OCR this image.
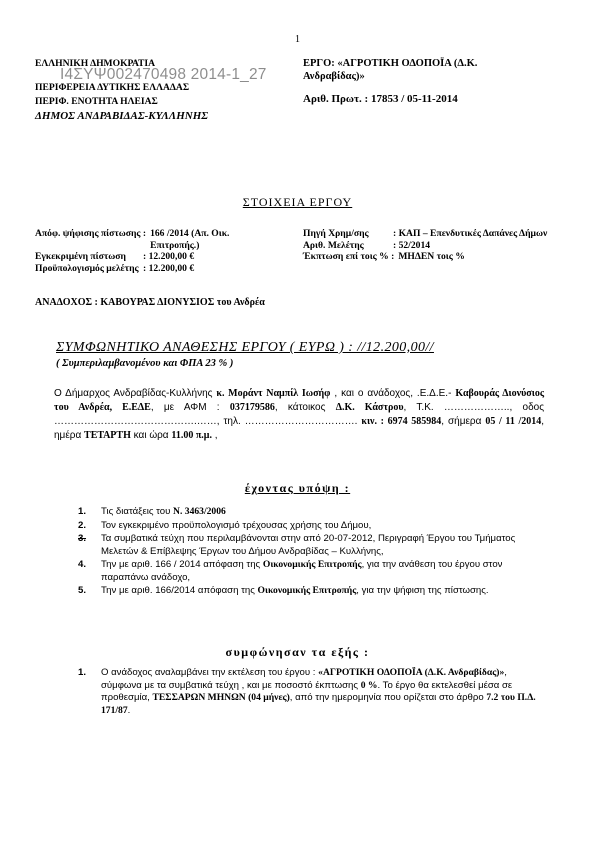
1
ΕΛΛΗΝΙΚΗ ΔΗΜΟΚΡΑΤΙΑ
ΠΕΡΙΦΕΡΕΙΑ ΔΥΤΙΚΗΣ ΕΛΛΑΔΑΣ
ΠΕΡΙΦ. ΕΝΟΤΗΤΑ ΗΛΕΙΑΣ
ΔΗΜΟΣ ΑΝΔΡΑΒΙΔΑΣ-ΚΥΛΛΗΝΗΣ
ΕΡΓΟ: «ΑΓΡΟΤΙΚΗ ΟΔΟΠΟΪΑ (Δ.Κ. Ανδραβίδας)»
Αριθ. Πρωτ. : 17853 / 05-11-2014
Ι4ΣΥΨ002470498 2014-1_27
ΣΤΟΙΧΕΙΑ ΕΡΓΟΥ
Απόφ. ψήφισης πίστωσης : 166 /2014 (Απ. Οικ. Επιτροπής.)
Εγκεκριμένη πίστωση	: 12.200,00 €
Προϋπολογισμός μελέτης : 12.200,00 €
Πηγή Χρημ/σης	: ΚΑΠ – Επενδυτικές Δαπάνες Δήμων
Αριθ. Μελέτης	: 52/2014
Έκπτωση επί τοις % : ΜΗΔΕΝ τοις %
ΑΝΑΔΟΧΟΣ : ΚΑΒΟΥΡΑΣ ΔΙΟΝΥΣΙΟΣ του Ανδρέα
ΣΥΜΦΩΝΗΤΙΚΟ ΑΝΑΘΕΣΗΣ ΕΡΓΟΥ ( ΕΥΡΩ ) : //12.200,00//
( Συμπεριλαμβανομένου και ΦΠΑ 23 % )
Ο Δήμαρχος Ανδραβίδας-Κυλλήνης κ. Μοράντ Ναμπίλ Ιωσήφ , και ο ανάδοχος, .Ε.Δ.Ε.- Καβουράς Διονύσιος του Ανδρέα, Ε.ΕΔΕ, με ΑΦΜ : 037179586, κάτοικος Δ.Κ. Κάστρου, Τ.Κ. ……………….., οδος …………………………………….……, τηλ. ……………………………. κιν. : 6974 585984, σήμερα 05 / 11 /2014, ημέρα ΤΕΤΑΡΤΗ και ώρα 11.00 π.μ. ,
έχοντας υπόψη :
1. Τις διατάξεις του Ν. 3463/2006
2. Τον εγκεκριμένο προϋπολογισμό τρέχουσας χρήσης του Δήμου,
3. Τα συμβατικά τεύχη που περιλαμβάνονται στην από 20-07-2012, Περιγραφή Έργου του Τμήματος Μελετών & Επίβλεψης Έργων του Δήμου Ανδραβίδας – Κυλλήνης,
4. Την με αριθ. 166 / 2014 απόφαση της Οικονομικής Επιτροπής, για την ανάθεση του έργου στον παραπάνω ανάδοχο,
5. Την με αριθ. 166/2014 απόφαση της Οικονομικής Επιτροπής, για την ψήφιση της πίστωσης.
συμφώνησαν τα εξής :
1. Ο ανάδοχος αναλαμβάνει την εκτέλεση του έργου : «ΑΓΡΟΤΙΚΗ ΟΔΟΠΟΪΑ (Δ.Κ. Ανδραβίδας)», σύμφωνα με τα συμβατικά τεύχη , και με ποσοστό έκπτωσης 0 %. Το έργο θα εκτελεσθεί μέσα σε προθεσμία, ΤΕΣΣΑΡΩΝ ΜΗΝΩΝ (04 μήνες), από την ημερομηνία που ορίζεται στο άρθρο 7.2 του Π.Δ. 171/87.
